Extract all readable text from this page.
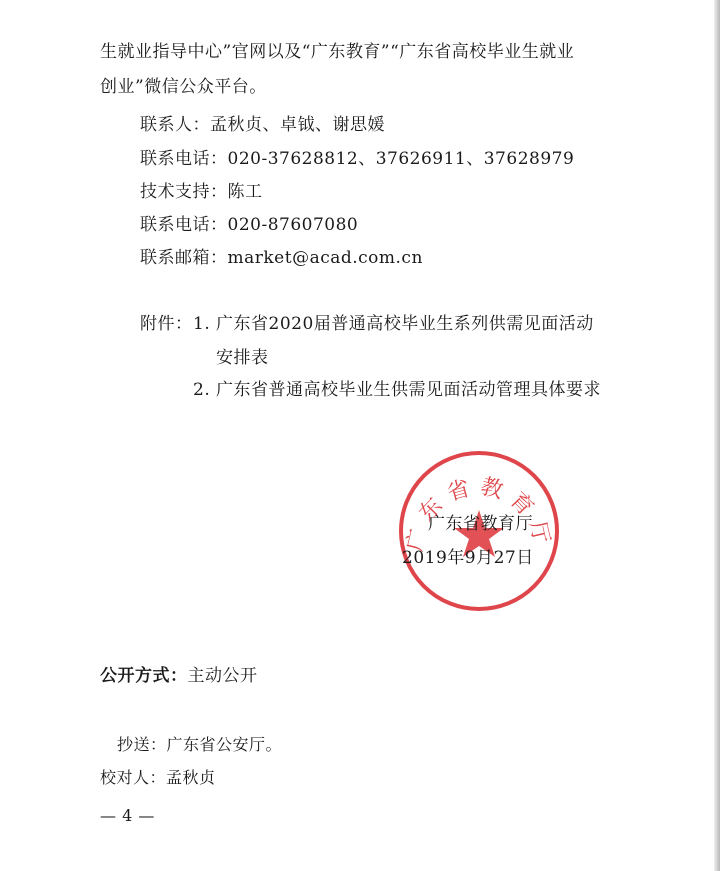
生就业指导中心”官网以及“广东教育”“广东省高校毕业生就业
创业”微信公众平台。
联系人：孟秋贞、卓钺、谢思媛
联系电话：020-37628812、37626911、37628979
技术支持：陈工
联系电话：020-87607080
联系邮箱：market@acad.com.cn
附件： 1. 广东省2020届普通高校毕业生系列供需见面活动
安排表
2. 广东省普通高校毕业生供需见面活动管理具体要求
广东省教育厅
广东省教育厅
2019年9月27日
公开方式：主动公开
抄送：广东省公安厅。
校对人：孟秋贞
— 4 —
